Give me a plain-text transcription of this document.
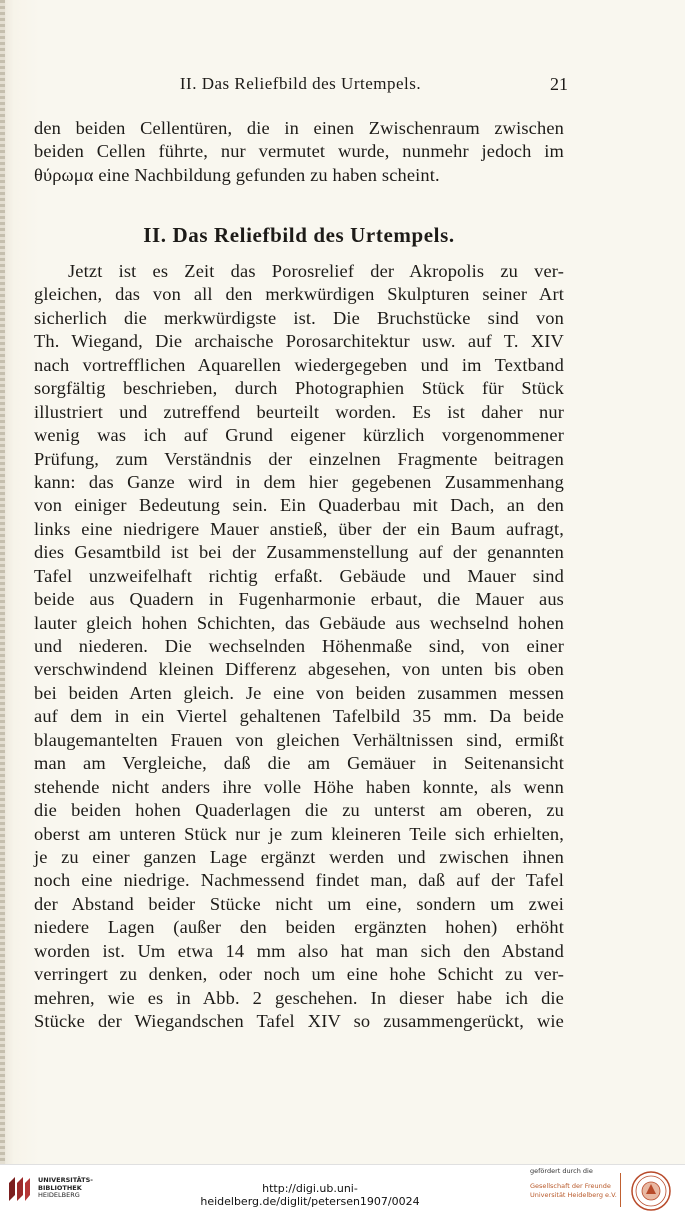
II. Das Reliefbild des Urtempels.	21
den beiden Cellentüren, die in einen Zwischenraum zwischen
beiden Cellen führte, nur vermutet wurde, nunmehr jedoch im
θύρωμα eine Nachbildung gefunden zu haben scheint.
II. Das Reliefbild des Urtempels.
Jetzt ist es Zeit das Porosrelief der Akropolis zu ver-
gleichen, das von all den merkwürdigen Skulpturen seiner Art
sicherlich die merkwürdigste ist. Die Bruchstücke sind von
Th. Wiegand, Die archaische Porosarchitektur usw. auf T. XIV
nach vortrefflichen Aquarellen wiedergegeben und im Textband
sorgfältig beschrieben, durch Photographien Stück für Stück
illustriert und zutreffend beurteilt worden. Es ist daher nur
wenig was ich auf Grund eigener kürzlich vorgenommener
Prüfung, zum Verständnis der einzelnen Fragmente beitragen
kann: das Ganze wird in dem hier gegebenen Zusammenhang
von einiger Bedeutung sein. Ein Quaderbau mit Dach, an den
links eine niedrigere Mauer anstieß, über der ein Baum aufragt,
dies Gesamtbild ist bei der Zusammenstellung auf der genannten
Tafel unzweifelhaft richtig erfaßt. Gebäude und Mauer sind
beide aus Quadern in Fugenharmonie erbaut, die Mauer aus
lauter gleich hohen Schichten, das Gebäude aus wechselnd hohen
und niederen. Die wechselnden Höhenmaße sind, von einer
verschwindend kleinen Differenz abgesehen, von unten bis oben
bei beiden Arten gleich. Je eine von beiden zusammen messen
auf dem in ein Viertel gehaltenen Tafelbild 35 mm. Da beide
blaugemantelten Frauen von gleichen Verhältnissen sind, ermißt
man am Vergleiche, daß die am Gemäuer in Seitenansicht
stehende nicht anders ihre volle Höhe haben konnte, als wenn
die beiden hohen Quaderlagen die zu unterst am oberen, zu
oberst am unteren Stück nur je zum kleineren Teile sich erhielten,
je zu einer ganzen Lage ergänzt werden und zwischen ihnen
noch eine niedrige. Nachmessend findet man, daß auf der Tafel
der Abstand beider Stücke nicht um eine, sondern um zwei
niedere Lagen (außer den beiden ergänzten hohen) erhöht
worden ist. Um etwa 14 mm also hat man sich den Abstand
verringert zu denken, oder noch um eine hohe Schicht zu ver-
mehren, wie es in Abb. 2 geschehen. In dieser habe ich die
Stücke der Wiegandschen Tafel XIV so zusammengerückt, wie
UNIVERSITÄTS-
BIBLIOTHEK
HEIDELBERG	http://digi.ub.uni-heidelberg.de/diglit/petersen1907/0024
gefördert durch die
Gesellschaft der Freunde
Universität Heidelberg e.V.
